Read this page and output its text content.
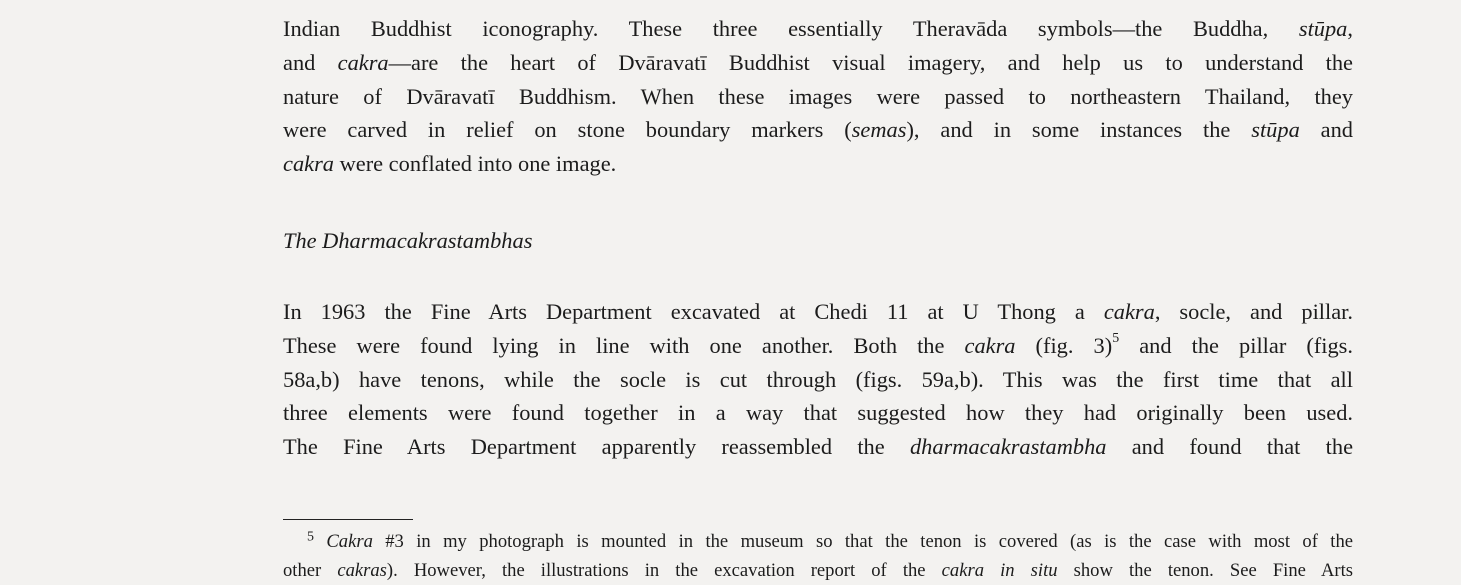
Indian Buddhist iconography. These three essentially Theravāda symbols—the Buddha, stūpa,
and cakra—are the heart of Dvāravatī Buddhist visual imagery, and help us to understand the
nature of Dvāravatī Buddhism. When these images were passed to northeastern Thailand, they
were carved in relief on stone boundary markers (semas), and in some instances the stūpa and
cakra were conflated into one image.

The Dharmacakrastambhas

In 1963 the Fine Arts Department excavated at Chedi 11 at U Thong a cakra, socle, and pillar.
These were found lying in line with one another. Both the cakra (fig. 3)$^5$ and the pillar (figs.
58a,b) have tenons, while the socle is cut through (figs. 59a,b). This was the first time that all
three elements were found together in a way that suggested how they had originally been used.
The Fine Arts Department apparently reassembled the dharmacakrastambha and found that the

$^5$ Cakra #3 in my photograph is mounted in the museum so that the tenon is covered (as is the case with most of the
other cakras). However, the illustrations in the excavation report of the cakra in situ show the tenon. See Fine Arts
